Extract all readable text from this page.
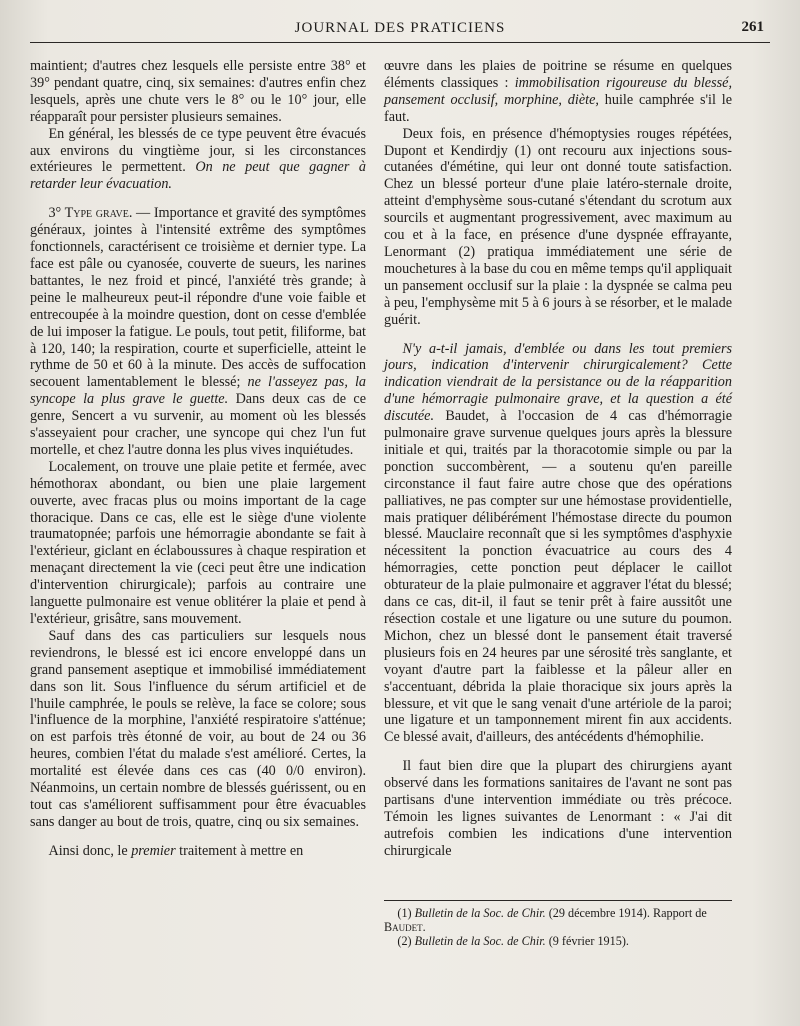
JOURNAL DES PRATICIENS	261

maintient; d'autres chez lesquels elle persiste entre 38° et 39° pendant quatre, cinq, six semaines: d'autres enfin chez lesquels, après une chute vers le 8° ou le 10° jour, elle réapparaît pour persister plusieurs semaines.

En général, les blessés de ce type peuvent être évacués aux environs du vingtième jour, si les circonstances extérieures le permettent. On ne peut que gagner à retarder leur évacuation.

3° Type grave. — Importance et gravité des symptômes généraux, jointes à l'intensité extrême des symptômes fonctionnels, caractérisent ce troisième et dernier type. La face est pâle ou cyanosée, couverte de sueurs, les narines battantes, le nez froid et pincé, l'anxiété très grande; à peine le malheureux peut-il répondre d'une voie faible et entrecoupée à la moindre question, dont on cesse d'emblée de lui imposer la fatigue. Le pouls, tout petit, filiforme, bat à 120, 140; la respiration, courte et superficielle, atteint le rythme de 50 et 60 à la minute. Des accès de suffocation secouent lamentablement le blessé; ne l'asseyez pas, la syncope la plus grave le guette. Dans deux cas de ce genre, Sencert a vu survenir, au moment où les blessés s'asseyaient pour cracher, une syncope qui chez l'un fut mortelle, et chez l'autre donna les plus vives inquiétudes.

Localement, on trouve une plaie petite et fermée, avec hémothorax abondant, ou bien une plaie largement ouverte, avec fracas plus ou moins important de la cage thoracique. Dans ce cas, elle est le siège d'une violente traumatopnée; parfois une hémorragie abondante se fait à l'extérieur, giclant en éclaboussures à chaque respiration et menaçant directement la vie (ceci peut être une indication d'intervention chirurgicale); parfois au contraire une languette pulmonaire est venue oblitérer la plaie et pend à l'extérieur, grisâtre, sans mouvement.

Sauf dans des cas particuliers sur lesquels nous reviendrons, le blessé est ici encore enveloppé dans un grand pansement aseptique et immobilisé immédiatement dans son lit. Sous l'influence du sérum artificiel et de l'huile camphrée, le pouls se relève, la face se colore; sous l'influence de la morphine, l'anxiété respiratoire s'atténue; on est parfois très étonné de voir, au bout de 24 ou 36 heures, combien l'état du malade s'est amélioré. Certes, la mortalité est élevée dans ces cas (40 0/0 environ). Néanmoins, un certain nombre de blessés guérissent, ou en tout cas s'améliorent suffisamment pour être évacuables sans danger au bout de trois, quatre, cinq ou six semaines.

Ainsi donc, le premier traitement à mettre en

œuvre dans les plaies de poitrine se résume en quelques éléments classiques : immobilisation rigoureuse du blessé, pansement occlusif, morphine, diète, huile camphrée s'il le faut.

Deux fois, en présence d'hémoptysies rouges répétées, Dupont et Kendirdjy (1) ont recouru aux injections sous-cutanées d'émétine, qui leur ont donné toute satisfaction. Chez un blessé porteur d'une plaie latéro-sternale droite, atteint d'emphysème sous-cutané s'étendant du scrotum aux sourcils et augmentant progressivement, avec maximum au cou et à la face, en présence d'une dyspnée effrayante, Lenormant (2) pratiqua immédiatement une série de mouchetures à la base du cou en même temps qu'il appliquait un pansement occlusif sur la plaie : la dyspnée se calma peu à peu, l'emphysème mit 5 à 6 jours à se résorber, et le malade guérit.

N'y a-t-il jamais, d'emblée ou dans les tout premiers jours, indication d'intervenir chirurgicalement? Cette indication viendrait de la persistance ou de la réapparition d'une hémorragie pulmonaire grave, et la question a été discutée. Baudet, à l'occasion de 4 cas d'hémorragie pulmonaire grave survenue quelques jours après la blessure initiale et qui, traités par la thoracotomie simple ou par la ponction succombèrent, — a soutenu qu'en pareille circonstance il faut faire autre chose que des opérations palliatives, ne pas compter sur une hémostase providentielle, mais pratiquer délibérément l'hémostase directe du poumon blessé. Mauclaire reconnaît que si les symptômes d'asphyxie nécessitent la ponction évacuatrice au cours des 4 hémorragies, cette ponction peut déplacer le caillot obturateur de la plaie pulmonaire et aggraver l'état du blessé; dans ce cas, dit-il, il faut se tenir prêt à faire aussitôt une résection costale et une ligature ou une suture du poumon. Michon, chez un blessé dont le pansement était traversé plusieurs fois en 24 heures par une sérosité très sanglante, et voyant d'autre part la faiblesse et la pâleur aller en s'accentuant, débrida la plaie thoracique six jours après la blessure, et vit que le sang venait d'une artériole de la paroi; une ligature et un tamponnement mirent fin aux accidents. Ce blessé avait, d'ailleurs, des antécédents d'hémophilie.

Il faut bien dire que la plupart des chirurgiens ayant observé dans les formations sanitaires de l'avant ne sont pas partisans d'une intervention immédiate ou très précoce. Témoin les lignes suivantes de Lenormant : « J'ai dit autrefois combien les indications d'une intervention chirurgicale

(1) Bulletin de la Soc. de Chir. (29 décembre 1914). Rapport de Baudet.

(2) Bulletin de la Soc. de Chir. (9 février 1915).
